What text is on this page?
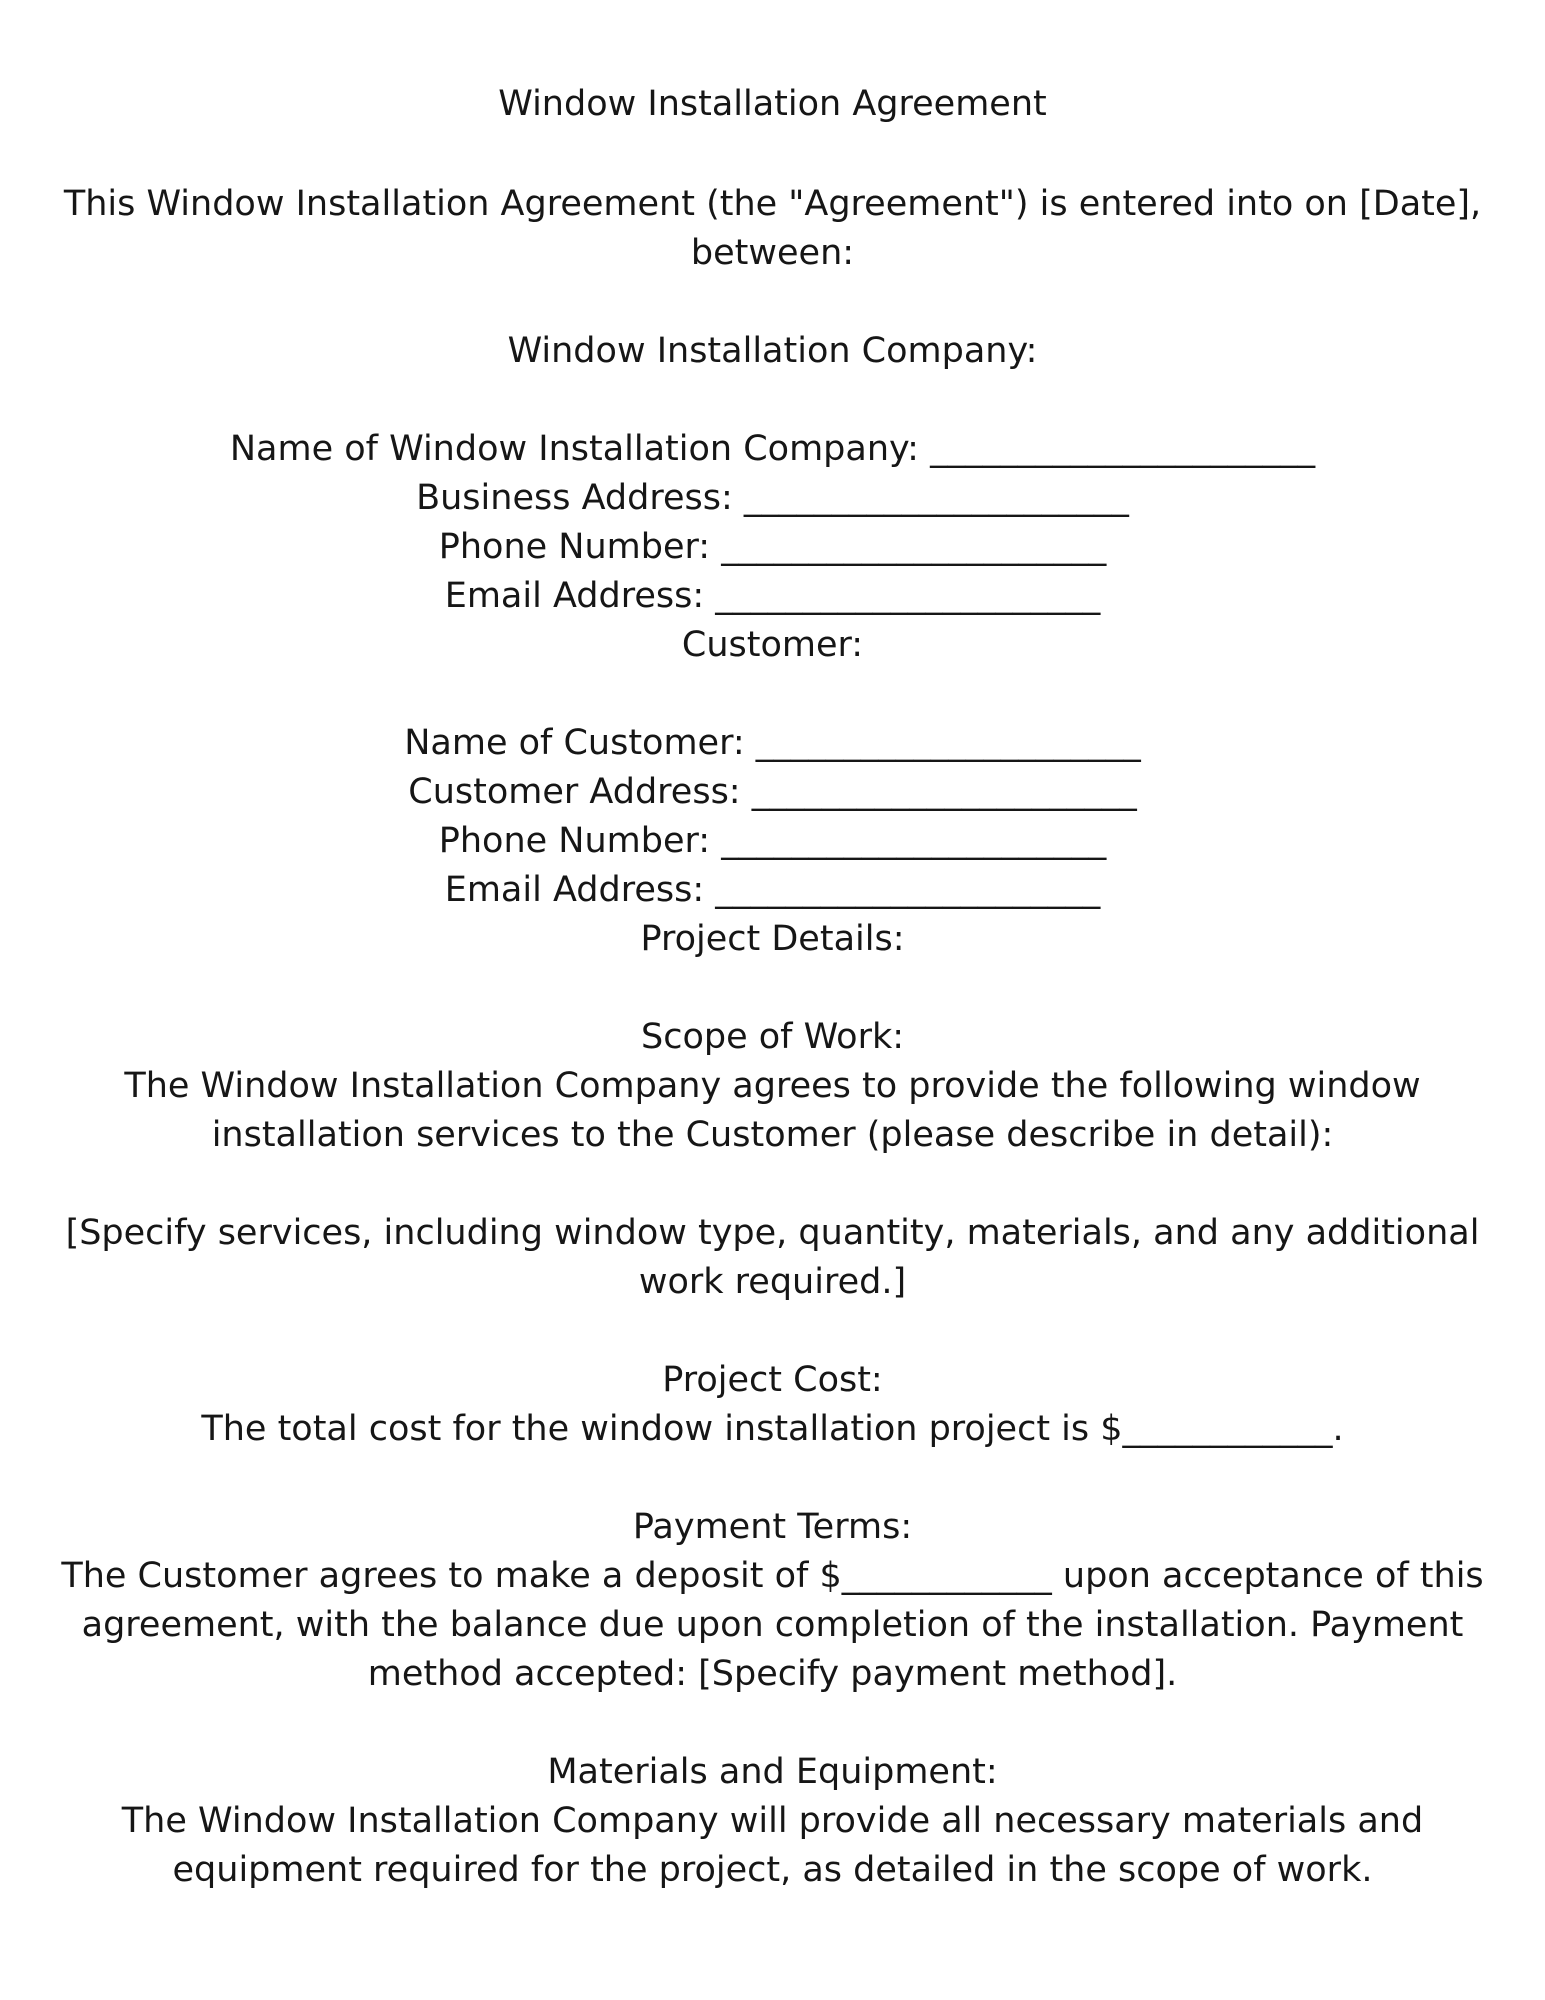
Window Installation Agreement
This Window Installation Agreement (the "Agreement") is entered into on [Date],
between:
Window Installation Company:
Name of Window Installation Company: ______________________
Business Address: ______________________
Phone Number: ______________________
Email Address: ______________________
Customer:
Name of Customer: ______________________
Customer Address: ______________________
Phone Number: ______________________
Email Address: ______________________
Project Details:
Scope of Work:
The Window Installation Company agrees to provide the following window
installation services to the Customer (please describe in detail):
[Specify services, including window type, quantity, materials, and any additional
work required.]
Project Cost:
The total cost for the window installation project is $____________.
Payment Terms:
The Customer agrees to make a deposit of $____________ upon acceptance of this
agreement, with the balance due upon completion of the installation. Payment
method accepted: [Specify payment method].
Materials and Equipment:
The Window Installation Company will provide all necessary materials and
equipment required for the project, as detailed in the scope of work.
